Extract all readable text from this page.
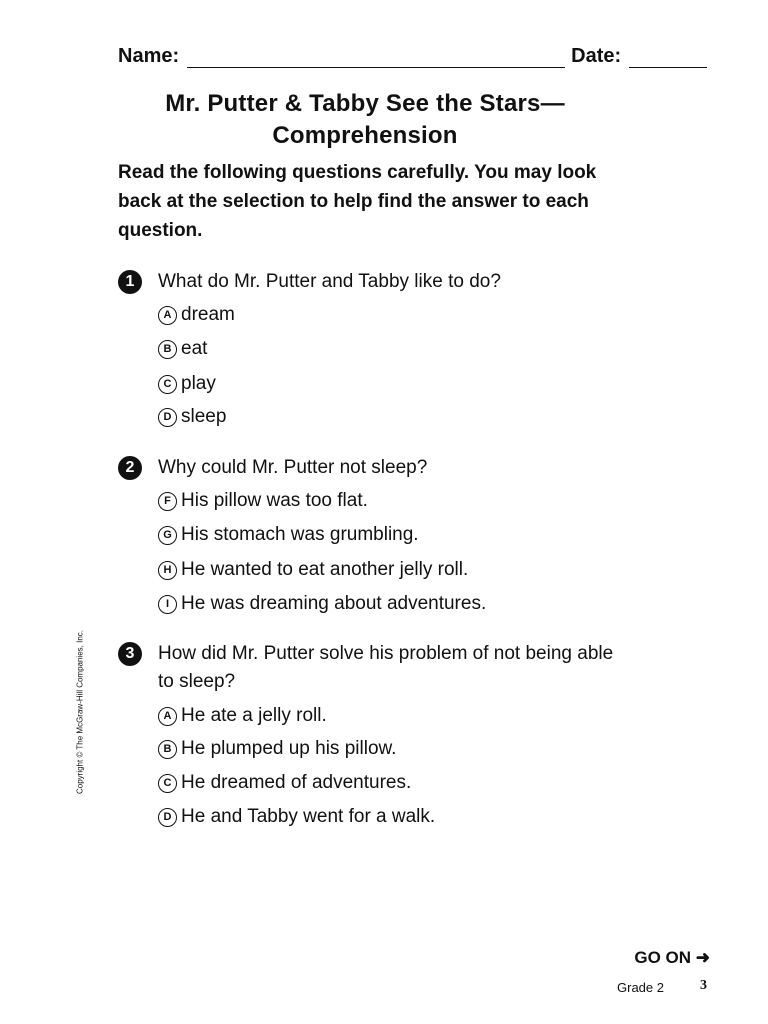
Name:	Date:
Mr. Putter & Tabby See the Stars—
Comprehension
Read the following questions carefully. You may look back at the selection to help find the answer to each question.
1	What do Mr. Putter and Tabby like to do?
A dream
B eat
C play
D sleep
2	Why could Mr. Putter not sleep?
F His pillow was too flat.
G His stomach was grumbling.
H He wanted to eat another jelly roll.
I He was dreaming about adventures.
3	How did Mr. Putter solve his problem of not being able to sleep?
A He ate a jelly roll.
B He plumped up his pillow.
C He dreamed of adventures.
D He and Tabby went for a walk.
Copyright © The McGraw-Hill Companies, Inc.
GO ON ➜
Grade 2	3
